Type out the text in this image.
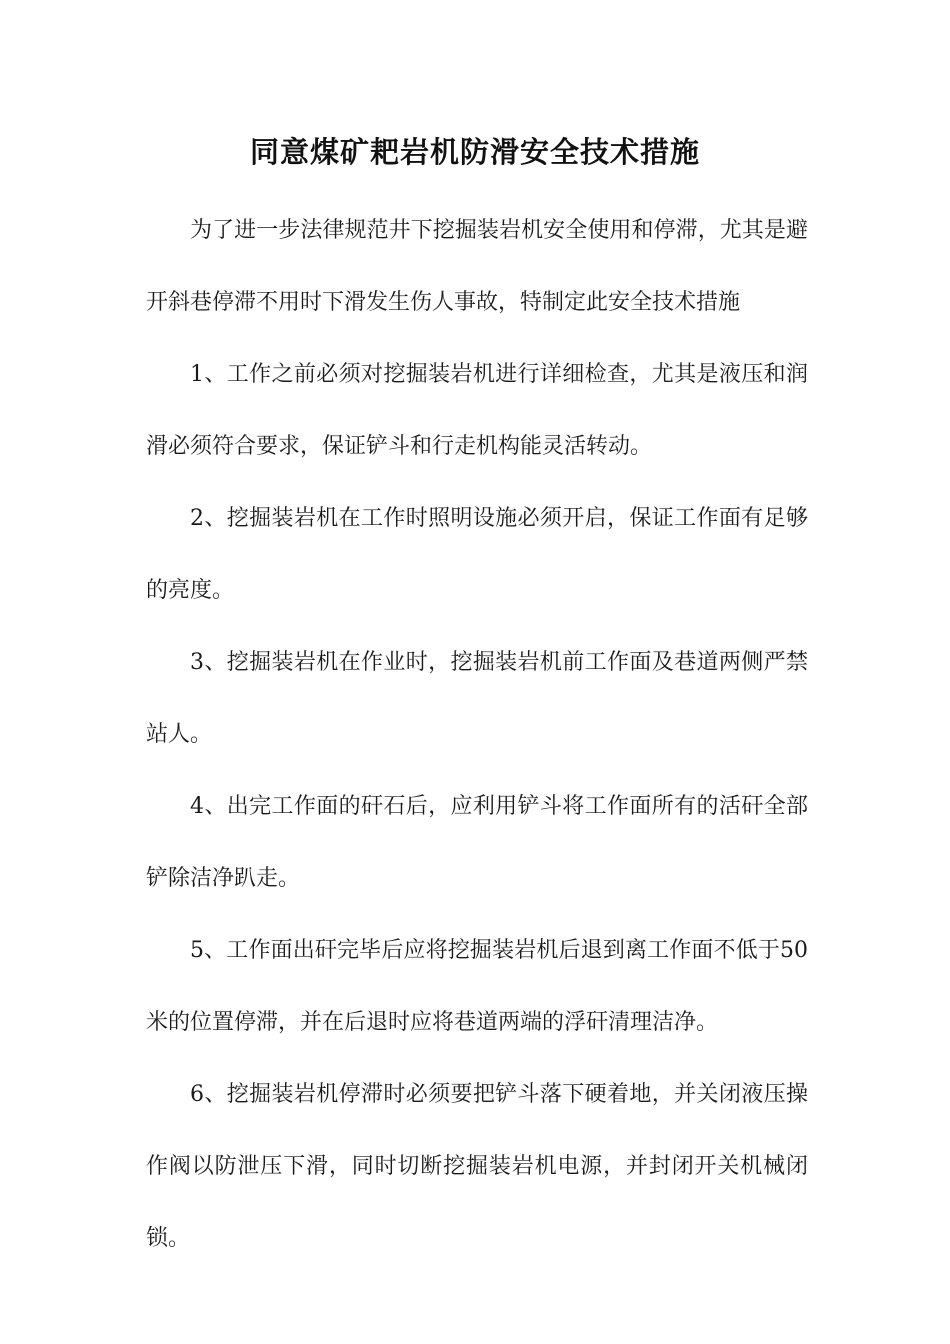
同意煤矿耙岩机防滑安全技术措施

为了进一步法律规范井下挖掘装岩机安全使用和停滞，尤其是避开斜巷停滞不用时下滑发生伤人事故，特制定此安全技术措施

1、工作之前必须对挖掘装岩机进行详细检查，尤其是液压和润滑必须符合要求，保证铲斗和行走机构能灵活转动。

2、挖掘装岩机在工作时照明设施必须开启，保证工作面有足够的亮度。

3、挖掘装岩机在作业时，挖掘装岩机前工作面及巷道两侧严禁站人。

4、出完工作面的矸石后，应利用铲斗将工作面所有的活矸全部铲除洁净趴走。

5、工作面出矸完毕后应将挖掘装岩机后退到离工作面不低于50米的位置停滞，并在后退时应将巷道两端的浮矸清理洁净。

6、挖掘装岩机停滞时必须要把铲斗落下硬着地，并关闭液压操作阀以防泄压下滑，同时切断挖掘装岩机电源，并封闭开关机械闭锁。
